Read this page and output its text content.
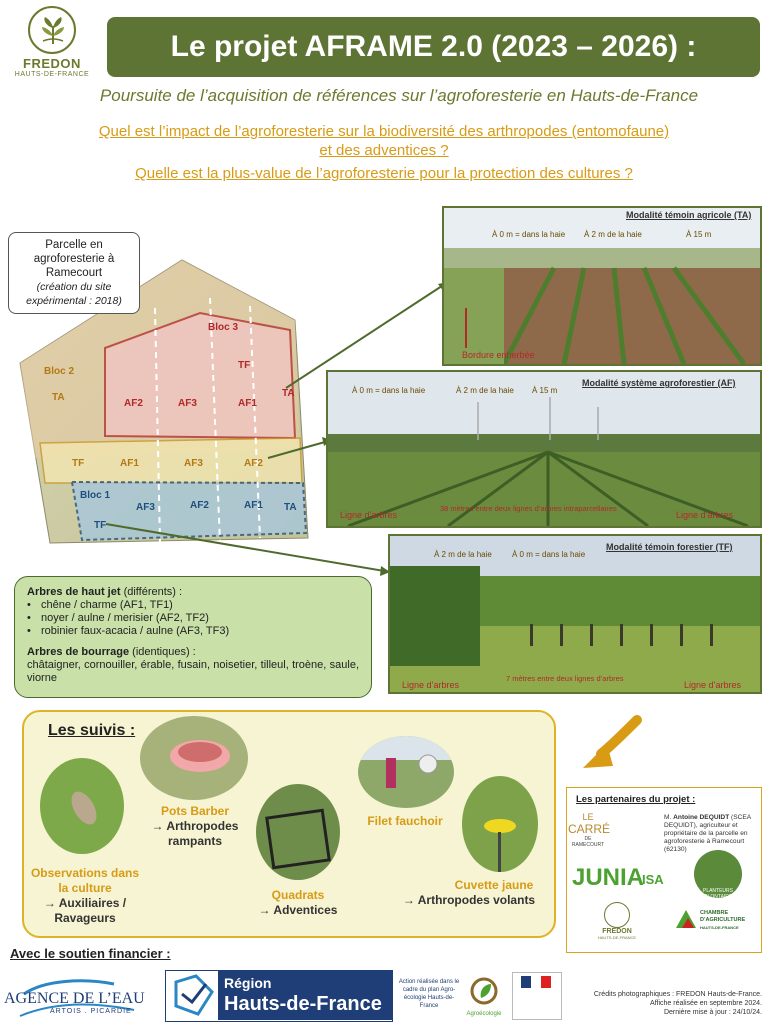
FREDON
HAUTS-DE-FRANCE
Le projet AFRAME 2.0 (2023 – 2026) :
Poursuite de l’acquisition de références sur l’agroforesterie en Hauts-de-France
Quel est l’impact de l’agroforesterie sur la biodiversité des arthropodes (entomofaune)
et des adventices ?
Quelle est la plus-value de l’agroforesterie pour la protection des cultures ?
Parcelle en agroforesterie à Ramecourt
(création du site expérimental : 2018)
Bloc 3
Bloc 2
Bloc 1
TF
TA
AF2	AF3	AF1
TA
TF	AF1	AF3	AF2
AF3	AF2	AF1 TA
TF
Modalité témoin agricole (TA)
À 0 m = dans la haie À 2 m de la haie	À 15 m
Bordure enherbée
Modalité système agroforestier (AF)
À 0 m = dans la haie	À 2 m de la haie À 15 m
Ligne d’arbres	Ligne d’arbres
38 mètres entre deux lignes d’arbres intraparcellaires
Modalité témoin forestier (TF)
À 2 m de la haie	À 0 m = dans la haie
Ligne d’arbres	Ligne d’arbres
7 mètres entre deux lignes d’arbres
Arbres de haut jet (différents) :
• chêne / charme (AF1, TF1)
• noyer / aulne / merisier (AF2, TF2)
• robinier faux-acacia / aulne (AF3, TF3)
Arbres de bourrage (identiques) :
châtaigner, cornouiller, érable, fusain, noisetier, tilleul, troène, saule, viorne
Les suivis :
Observations dans la culture
→ Auxiliaires / Ravageurs
Pots Barber
→ Arthropodes rampants
Quadrats
→ Adventices
Filet fauchoir
Cuvette jaune
→ Arthropodes volants
Les partenaires du projet :
M. Antoine DEQUIDT (SCEA DEQUIDT), agriculteur et propriétaire de la parcelle en agroforesterie à Ramecourt (62130)
LE
CARRÉ
DE RAMECOURT
JUNIA
ISA
PLANTEURS VOLONTAIRES
FREDON
HAUTS-DE-FRANCE
CHAMBRE
D’AGRICULTURE
HAUTS-DE-FRANCE
Avec le soutien financier :
AGENCE DE L’EAU
ARTOIS . PICARDIE
Région
Hauts-de-France
Action réalisée dans le cadre du plan Agro-écologie Hauts-de-France
Agroécologie
Crédits photographiques : FREDON Hauts-de-France.
Affiche réalisée en septembre 2024.
Dernière mise à jour : 24/10/24.
